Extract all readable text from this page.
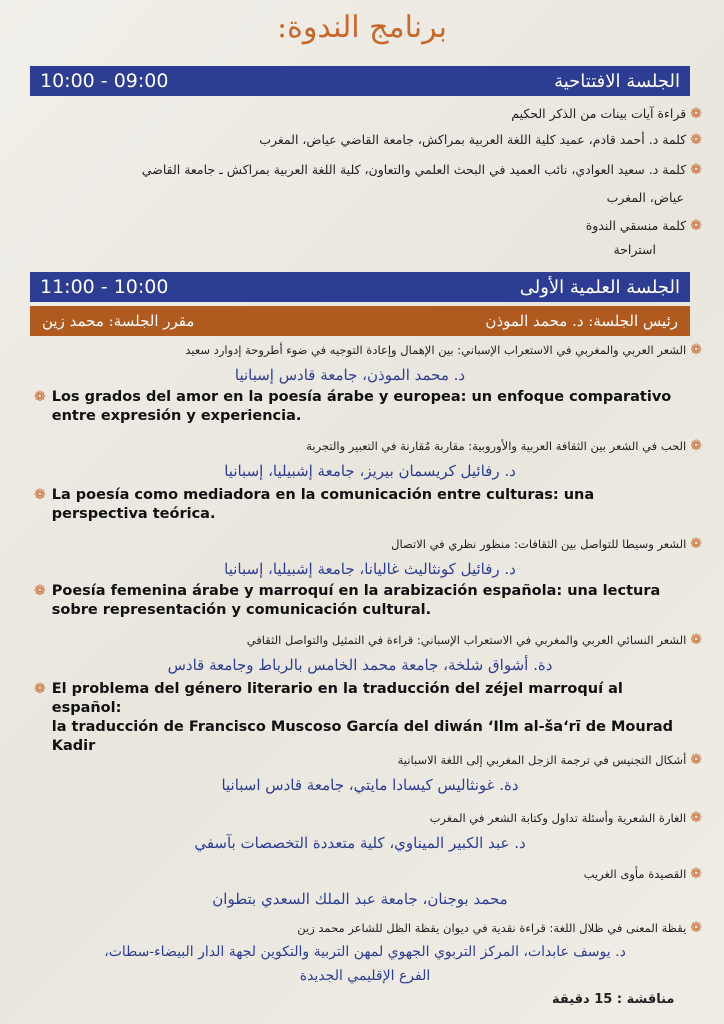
برنامج الندوة:
10:00 - 09:00	الجلسة الافتتاحية
❁
قراءة آيات بينات من الذكر الحكيم
❁
كلمة د. أحمد قادم، عميد كلية اللغة العربية بمراكش، جامعة القاضي عياض، المغرب
❁
كلمة د. سعيد العوادي، نائب العميد في البحث العلمي والتعاون، كلية اللغة العربية بمراكش ـ جامعة القاضي
عياض، المغرب
❁
كلمة منسقي الندوة
استراحة
11:00 - 10:00	الجلسة العلمية الأولى
رئيس الجلسة: د. محمد الموذن
مقرر الجلسة: محمد زين
❁
الشعر العربي والمغربي في الاستعراب الإسباني: بين الإهمال وإعادة التوجيه في ضوء أطروحة إدوارد سعيد
د. محمد الموذن، جامعة قادس إسبانيا
❁ Los grados del amor en la poesía árabe y europea: un enfoque comparativo
entre expresión y experiencia.
❁
الحب في الشعر بين الثقافة العربية والأوروبية: مقاربة مُقارنة في التعبير والتجربة
د. رفائيل كريسمان بيريز، جامعة إشبيليا، إسبانيا
❁ La poesía como mediadora en la comunicación entre culturas: una
perspectiva teórica.
❁
الشعر وسيطا للتواصل بين الثقافات: منظور نظري في الاتصال
د. رفائيل كونثاليث غاليانا، جامعة إشبيليا، إسبانيا
❁ Poesía femenina árabe y marroquí en la arabización española: una lectura
sobre representación y comunicación cultural.
❁
الشعر النسائي العربي والمغربي في الاستعراب الإسباني: قراءة في التمثيل والتواصل الثقافي
دة. أشواق شلخة، جامعة محمد الخامس بالرباط وجامعة قادس
❁ El problema del género literario en la traducción del zéjel marroquí al español:
la traducción de Francisco Muscoso García del diwán ‘Ilm al-ša‘rī de Mourad
Kadir
❁
أشكال التجنيس في ترجمة الزجل المغربي إلى اللغة الاسبانية
دة. غونثاليس كيسادا مايتي، جامعة قادس اسبانيا
❁
الغارة الشعرية وأسئلة تداول وكتابة الشعر في المغرب
د. عبد الكبير الميناوي، كلية متعددة التخصصات بآسفي
❁
القصيدة مأوى الغريب
محمد بوجنان، جامعة عبد الملك السعدي بتطوان
❁
يقظة المعنى في ظلال اللغة: قراءة نقدية في ديوان يقظة الظل للشاعر محمد زين
د. يوسف عابدات، المركز التربوي الجهوي لمهن التربية والتكوين لجهة الدار البيضاء-سطات،
الفرع الإقليمي الجديدة
مناقشة : 15 دقيقة
